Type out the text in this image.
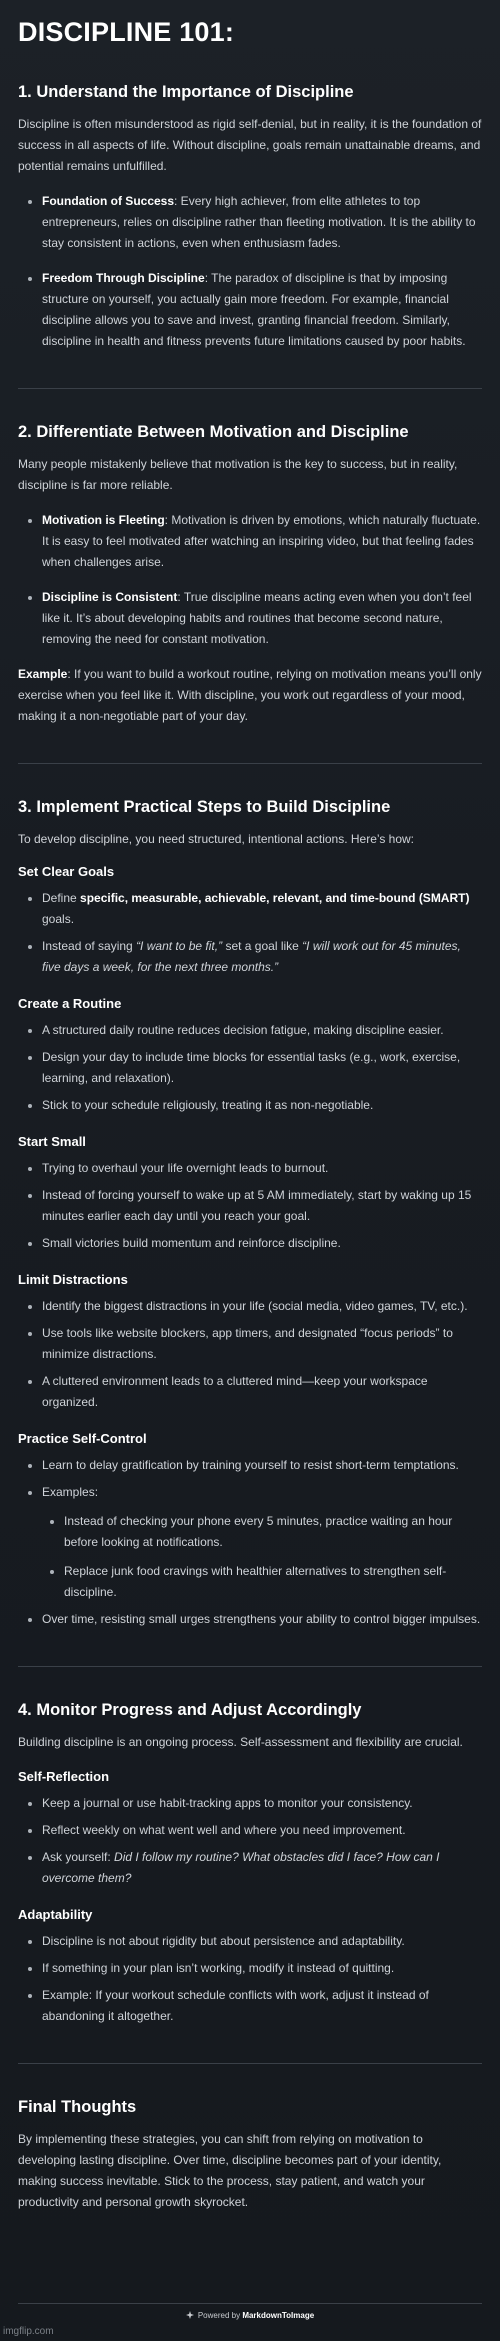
DISCIPLINE 101:
1. Understand the Importance of Discipline

Discipline is often misunderstood as rigid self-denial, but in reality, it is the foundation of success in all aspects of life. Without discipline, goals remain unattainable dreams, and potential remains unfulfilled.

Foundation of Success: Every high achiever, from elite athletes to top entrepreneurs, relies on discipline rather than fleeting motivation. It is the ability to stay consistent in actions, even when enthusiasm fades.
Freedom Through Discipline: The paradox of discipline is that by imposing structure on yourself, you actually gain more freedom. For example, financial discipline allows you to save and invest, granting financial freedom. Similarly, discipline in health and fitness prevents future limitations caused by poor habits.
2. Differentiate Between Motivation and Discipline

Many people mistakenly believe that motivation is the key to success, but in reality, discipline is far more reliable.

Motivation is Fleeting: Motivation is driven by emotions, which naturally fluctuate. It is easy to feel motivated after watching an inspiring video, but that feeling fades when challenges arise.
Discipline is Consistent: True discipline means acting even when you don’t feel like it. It’s about developing habits and routines that become second nature, removing the need for constant motivation.

Example: If you want to build a workout routine, relying on motivation means you’ll only exercise when you feel like it. With discipline, you work out regardless of your mood, making it a non-negotiable part of your day.

3. Implement Practical Steps to Build Discipline

To develop discipline, you need structured, intentional actions. Here’s how:

Set Clear Goals
Define specific, measurable, achievable, relevant, and time-bound (SMART) goals.
Instead of saying “I want to be fit,” set a goal like “I will work out for 45 minutes, five days a week, for the next three months.”
Create a Routine
A structured daily routine reduces decision fatigue, making discipline easier.
Design your day to include time blocks for essential tasks (e.g., work, exercise, learning, and relaxation).
Stick to your schedule religiously, treating it as non-negotiable.
Start Small
Trying to overhaul your life overnight leads to burnout.
Instead of forcing yourself to wake up at 5 AM immediately, start by waking up 15 minutes earlier each day until you reach your goal.
Small victories build momentum and reinforce discipline.
Limit Distractions
Identify the biggest distractions in your life (social media, video games, TV, etc.).
Use tools like website blockers, app timers, and designated “focus periods” to minimize distractions.
A cluttered environment leads to a cluttered mind—keep your workspace organized.
Practice Self-Control
Learn to delay gratification by training yourself to resist short-term temptations.
Examples:
Instead of checking your phone every 5 minutes, practice waiting an hour before looking at notifications.
Replace junk food cravings with healthier alternatives to strengthen self-discipline.
Over time, resisting small urges strengthens your ability to control bigger impulses.
4. Monitor Progress and Adjust Accordingly

Building discipline is an ongoing process. Self-assessment and flexibility are crucial.

Self-Reflection
Keep a journal or use habit-tracking apps to monitor your consistency.
Reflect weekly on what went well and where you need improvement.
Ask yourself: Did I follow my routine? What obstacles did I face? How can I overcome them?
Adaptability
Discipline is not about rigidity but about persistence and adaptability.
If something in your plan isn’t working, modify it instead of quitting.
Example: If your workout schedule conflicts with work, adjust it instead of abandoning it altogether.
Final Thoughts

By implementing these strategies, you can shift from relying on motivation to developing lasting discipline. Over time, discipline becomes part of your identity, making success inevitable. Stick to the process, stay patient, and watch your productivity and personal growth skyrocket.

Powered by MarkdownToImage
imgflip.com
